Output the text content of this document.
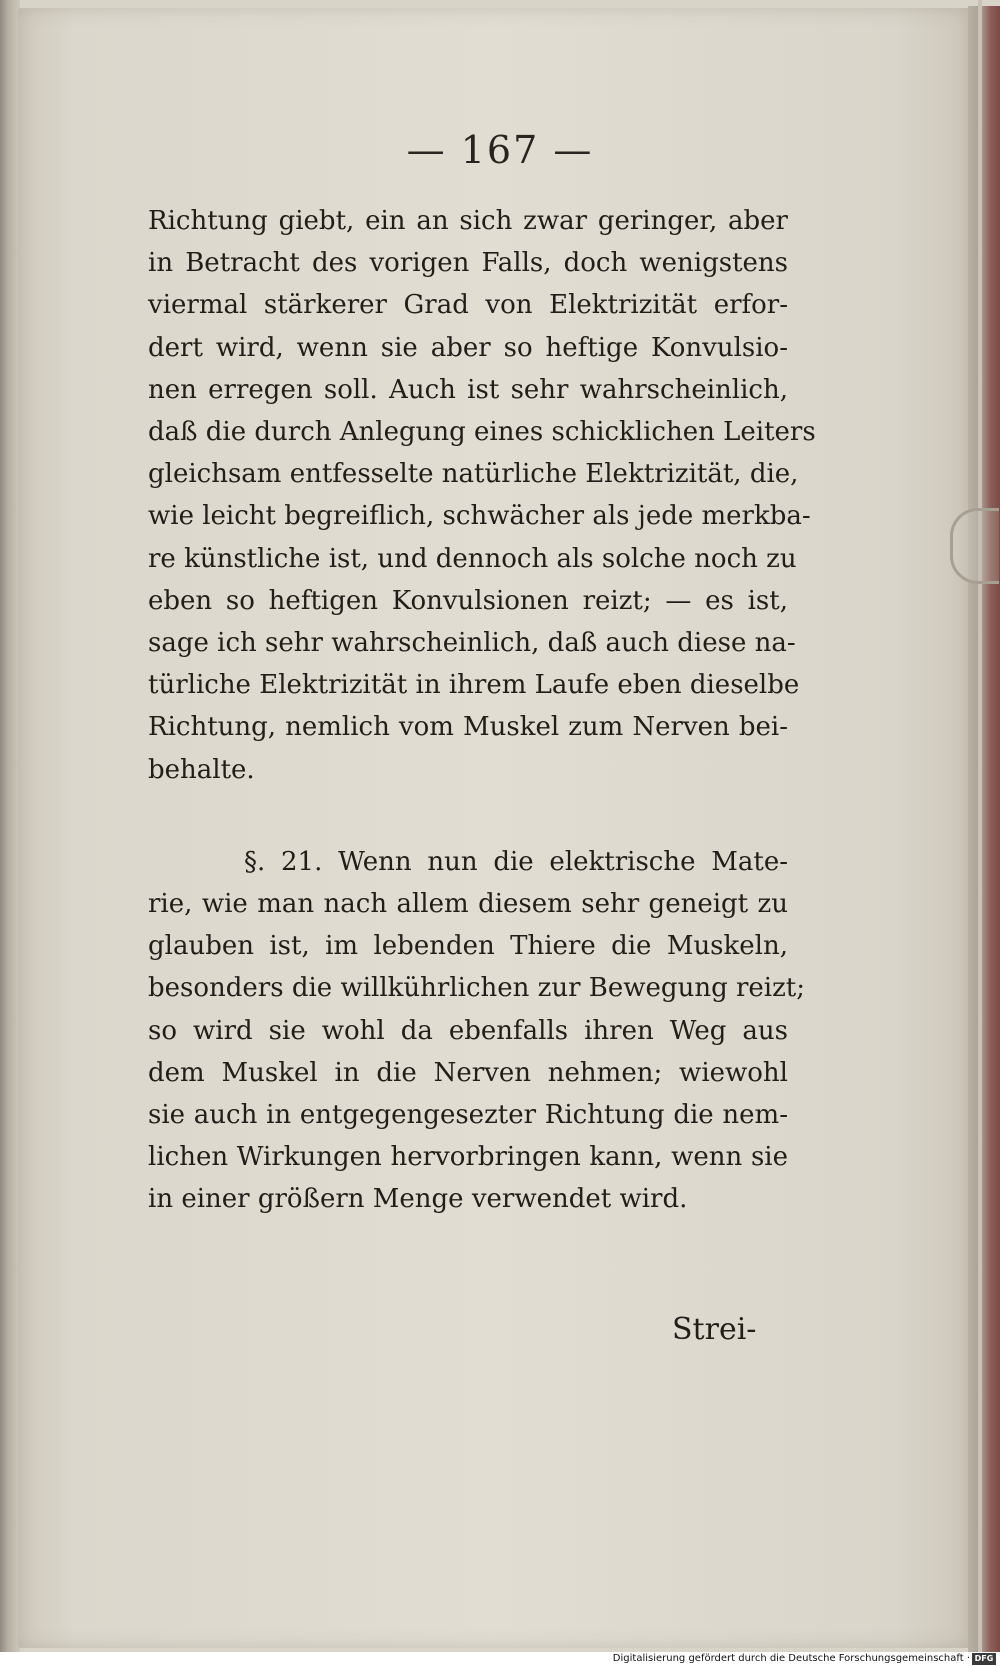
— 167 —
Richtung giebt, ein an sich zwar geringer, aber
in Betracht des vorigen Falls, doch wenigstens
viermal stärkerer Grad von Elektrizität erfor-
dert wird, wenn sie aber so heftige Konvulsio-
nen erregen soll. Auch ist sehr wahrscheinlich,
daß die durch Anlegung eines schicklichen Leiters
gleichsam entfesselte natürliche Elektrizität, die,
wie leicht begreiflich, schwächer als jede merkba-
re künstliche ist, und dennoch als solche noch zu
eben so heftigen Konvulsionen reizt; — es ist,
sage ich sehr wahrscheinlich, daß auch diese na-
türliche Elektrizität in ihrem Laufe eben dieselbe
Richtung, nemlich vom Muskel zum Nerven bei-
behalte.
§. 21. Wenn nun die elektrische Mate-
rie, wie man nach allem diesem sehr geneigt zu
glauben ist, im lebenden Thiere die Muskeln,
besonders die willkührlichen zur Bewegung reizt;
so wird sie wohl da ebenfalls ihren Weg aus
dem Muskel in die Nerven nehmen; wiewohl
sie auch in entgegengesezter Richtung die nem-
lichen Wirkungen hervorbringen kann, wenn sie
in einer größern Menge verwendet wird.
Strei-
Digitalisierung gefördert durch die Deutsche Forschungsgemeinschaft · DFG
